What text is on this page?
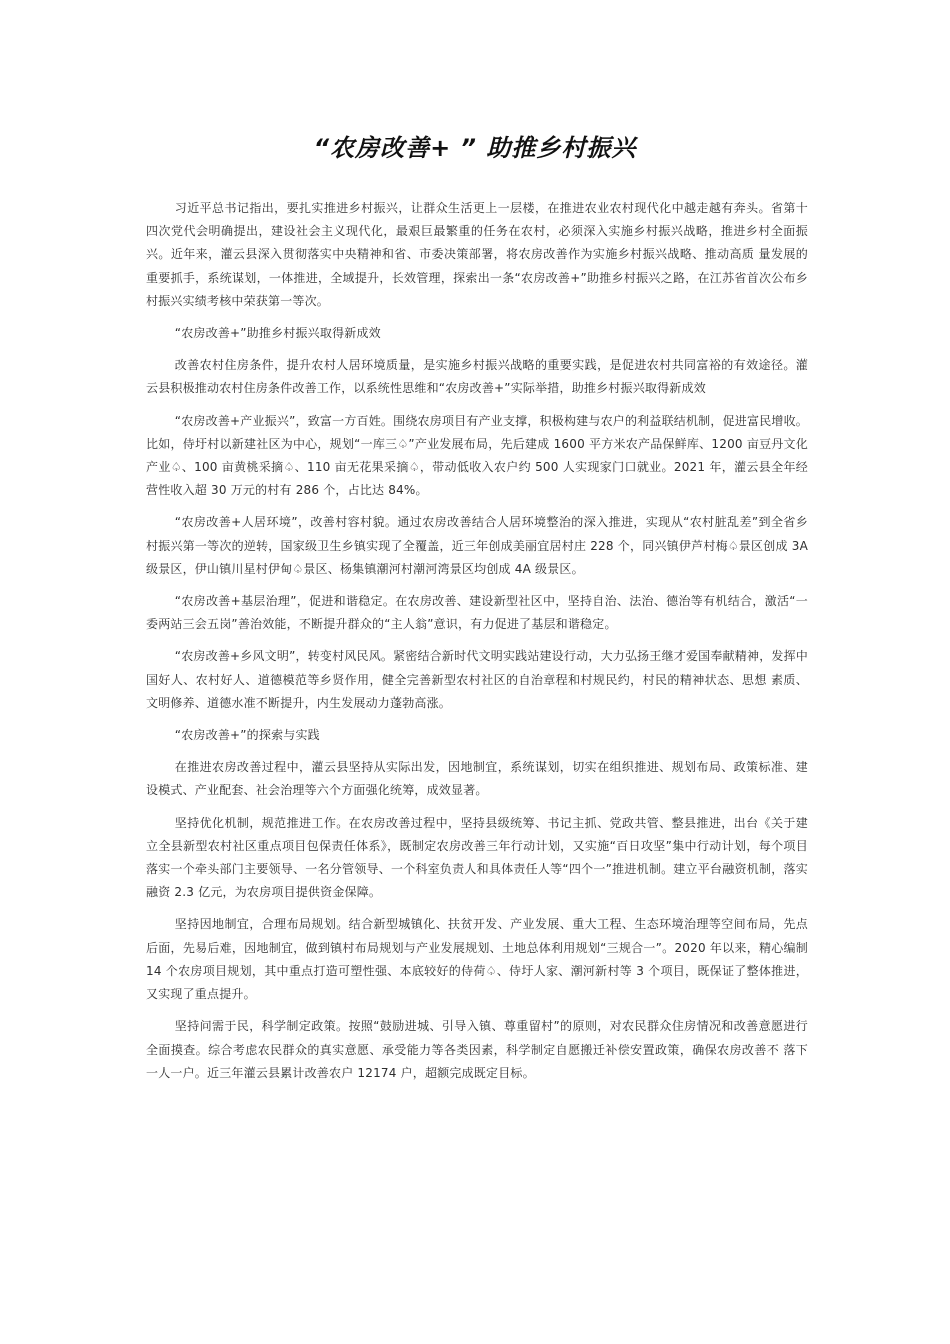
“农房改善+ ” 助推乡村振兴

习近平总书记指出，要扎实推进乡村振兴，让群众生活更上一层楼，在推进农业农村现代化中越走越有奔头。省第十四次党代会明确提出，建设社会主义现代化，最艰巨最繁重的任务在农村，必须深入实施乡村振兴战略，推进乡村全面振兴。近年来，灌云县深入贯彻落实中央精神和省、市委决策部署，将农房改善作为实施乡村振兴战略、推动高质 量发展的重要抓手，系统谋划，一体推进，全域提升，长效管理，探索出一条“农房改善+”助推乡村振兴之路，在江苏省首次公布乡村振兴实绩考核中荣获第一等次。

“农房改善+”助推乡村振兴取得新成效

改善农村住房条件，提升农村人居环境质量，是实施乡村振兴战略的重要实践，是促进农村共同富裕的有效途径。灌云县积极推动农村住房条件改善工作，以系统性思维和“农房改善+”实际举措，助推乡村振兴取得新成效

“农房改善+产业振兴”，致富一方百姓。围绕农房项目有产业支撑，积极构建与农户的利益联结机制，促进富民增收。比如，侍圩村以新建社区为中心，规划“一库三♤”产业发展布局，先后建成 1600 平方米农产品保鲜库、1200 亩豆丹文化产业♤、100 亩黄桃采摘♤、110 亩无花果采摘♤，带动低收入农户约 500 人实现家门口就业。2021 年，灌云县全年经营性收入超 30 万元的村有 286 个，占比达 84%。

“农房改善+人居环境”，改善村容村貌。通过农房改善结合人居环境整治的深入推进，实现从“农村脏乱差”到全省乡村振兴第一等次的逆转，国家级卫生乡镇实现了全覆盖，近三年创成美丽宜居村庄 228 个，同兴镇伊芦村梅♤景区创成 3A 级景区，伊山镇川星村伊甸♤景区、杨集镇潮河村潮河湾景区均创成 4A 级景区。

“农房改善+基层治理”，促进和谐稳定。在农房改善、建设新型社区中，坚持自治、法治、德治等有机结合，激活“一委两站三会五岗”善治效能，不断提升群众的“主人翁”意识，有力促进了基层和谐稳定。

“农房改善+乡风文明”，转变村风民风。紧密结合新时代文明实践站建设行动，大力弘扬王继才爱国奉献精神，发挥中国好人、农村好人、道德模范等乡贤作用，健全完善新型农村社区的自治章程和村规民约，村民的精神状态、思想 素质、文明修养、道德水准不断提升，内生发展动力蓬勃高涨。

“农房改善+”的探索与实践

在推进农房改善过程中，灌云县坚持从实际出发，因地制宜，系统谋划，切实在组织推进、规划布局、政策标准、建设模式、产业配套、社会治理等六个方面强化统筹，成效显著。

坚持优化机制，规范推进工作。在农房改善过程中，坚持县级统筹、书记主抓、党政共管、整县推进，出台《关于建立全县新型农村社区重点项目包保责任体系》，既制定农房改善三年行动计划，又实施“百日攻坚”集中行动计划，每个项目落实一个牵头部门主要领导、一名分管领导、一个科室负责人和具体责任人等“四个一”推进机制。建立平台融资机制，落实融资 2.3 亿元，为农房项目提供资金保障。

坚持因地制宜，合理布局规划。结合新型城镇化、扶贫开发、产业发展、重大工程、生态环境治理等空间布局，先点后面，先易后难，因地制宜，做到镇村布局规划与产业发展规划、土地总体利用规划“三规合一”。2020 年以来，精心编制 14 个农房项目规划，其中重点打造可塑性强、本底较好的侍荷♤、侍圩人家、潮河新村等 3 个项目，既保证了整体推进，又实现了重点提升。

坚持问需于民，科学制定政策。按照“鼓励进城、引导入镇、尊重留村”的原则，对农民群众住房情况和改善意愿进行全面摸查。综合考虑农民群众的真实意愿、承受能力等各类因素，科学制定自愿搬迁补偿安置政策，确保农房改善不 落下一人一户。近三年灌云县累计改善农户 12174 户，超额完成既定目标。
